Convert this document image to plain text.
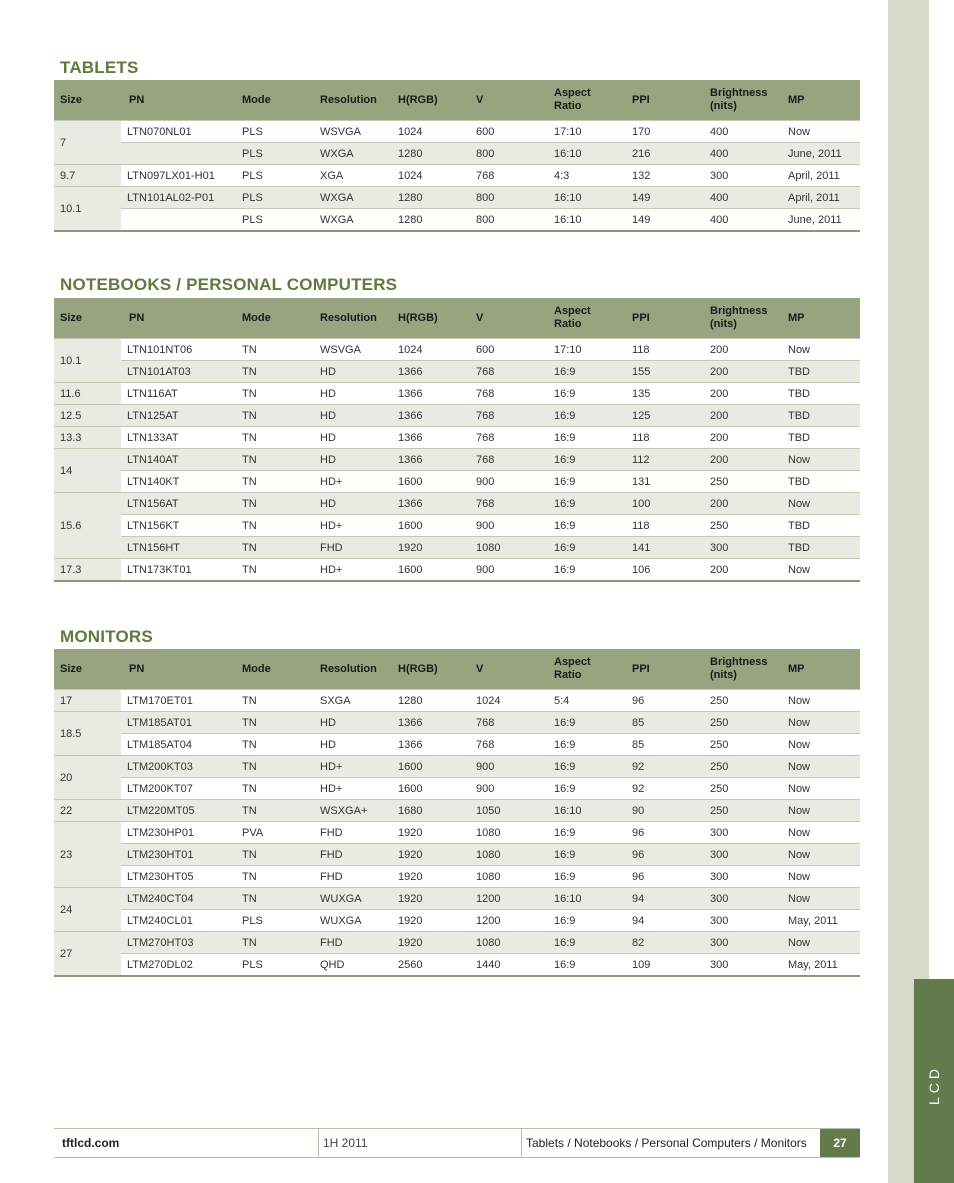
LCD
TABLETS
Size	PN	Mode	Resolution	H(RGB)	V	Aspect Ratio	PPI	Brightness (nits)	MP
7	LTN070NL01	PLS	WSVGA	1024	600	17:10	170	400	Now
		PLS	WXGA	1280	800	16:10	216	400	June, 2011
9.7	LTN097LX01-H01	PLS	XGA	1024	768	4:3	132	300	April, 2011
10.1	LTN101AL02-P01	PLS	WXGA	1280	800	16:10	149	400	April, 2011
		PLS	WXGA	1280	800	16:10	149	400	June, 2011
NOTEBOOKS / PERSONAL COMPUTERS
Size	PN	Mode	Resolution	H(RGB)	V	Aspect Ratio	PPI	Brightness (nits)	MP
10.1	LTN101NT06	TN	WSVGA	1024	600	17:10	118	200	Now
	LTN101AT03	TN	HD	1366	768	16:9	155	200	TBD
11.6	LTN116AT	TN	HD	1366	768	16:9	135	200	TBD
12.5	LTN125AT	TN	HD	1366	768	16:9	125	200	TBD
13.3	LTN133AT	TN	HD	1366	768	16:9	118	200	TBD
14	LTN140AT	TN	HD	1366	768	16:9	112	200	Now
	LTN140KT	TN	HD+	1600	900	16:9	131	250	TBD
15.6	LTN156AT	TN	HD	1366	768	16:9	100	200	Now
	LTN156KT	TN	HD+	1600	900	16:9	118	250	TBD
	LTN156HT	TN	FHD	1920	1080	16:9	141	300	TBD
17.3	LTN173KT01	TN	HD+	1600	900	16:9	106	200	Now
MONITORS
Size	PN	Mode	Resolution	H(RGB)	V	Aspect Ratio	PPI	Brightness (nits)	MP
17	LTM170ET01	TN	SXGA	1280	1024	5:4	96	250	Now
18.5	LTM185AT01	TN	HD	1366	768	16:9	85	250	Now
	LTM185AT04	TN	HD	1366	768	16:9	85	250	Now
20	LTM200KT03	TN	HD+	1600	900	16:9	92	250	Now
	LTM200KT07	TN	HD+	1600	900	16:9	92	250	Now
22	LTM220MT05	TN	WSXGA+	1680	1050	16:10	90	250	Now
23	LTM230HP01	PVA	FHD	1920	1080	16:9	96	300	Now
	LTM230HT01	TN	FHD	1920	1080	16:9	96	300	Now
	LTM230HT05	TN	FHD	1920	1080	16:9	96	300	Now
24	LTM240CT04	TN	WUXGA	1920	1200	16:10	94	300	Now
	LTM240CL01	PLS	WUXGA	1920	1200	16:9	94	300	May, 2011
27	LTM270HT03	TN	FHD	1920	1080	16:9	82	300	Now
	LTM270DL02	PLS	QHD	2560	1440	16:9	109	300	May, 2011
tftlcd.com	1H 2011	Tablets / Notebooks / Personal Computers / Monitors	27
